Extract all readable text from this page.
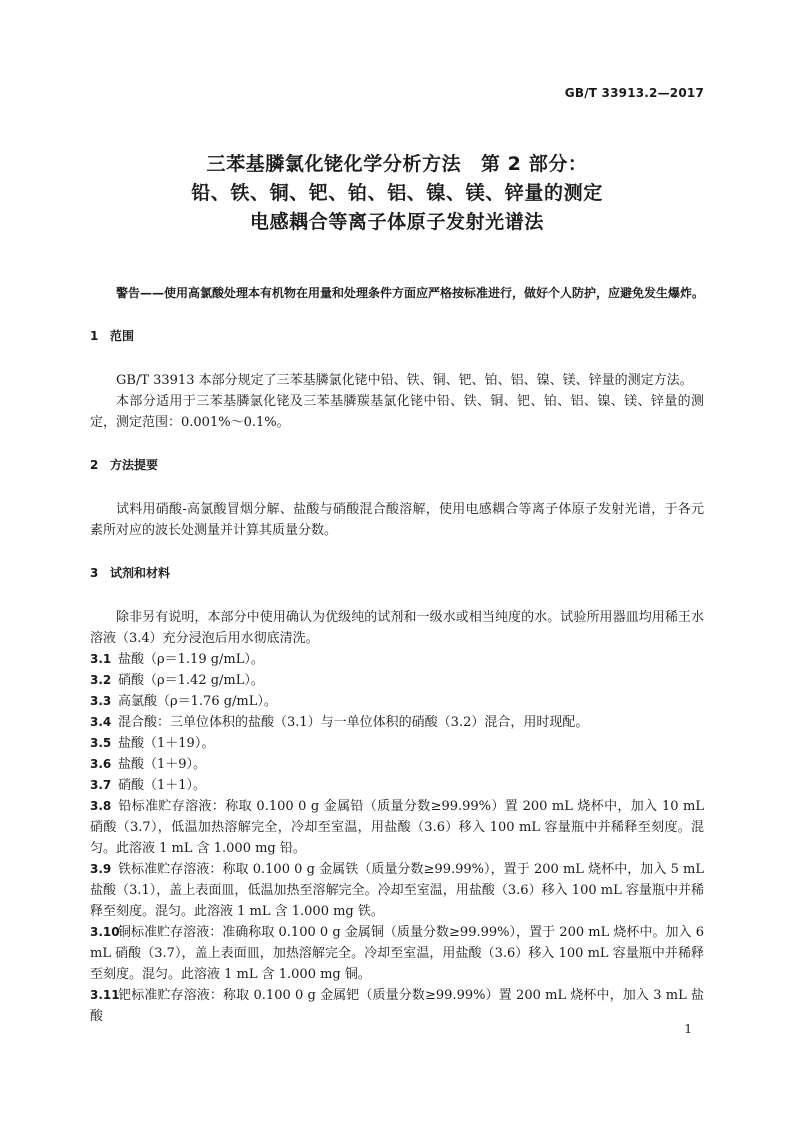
GB/T 33913.2—2017
三苯基膦氯化铑化学分析方法　第 2 部分：
铅、铁、铜、钯、铂、铝、镍、镁、锌量的测定
电感耦合等离子体原子发射光谱法

警告——使用高氯酸处理本有机物在用量和处理条件方面应严格按标准进行，做好个人防护，应避免发生爆炸。

1 范围

GB/T 33913 本部分规定了三苯基膦氯化铑中铅、铁、铜、钯、铂、铝、镍、镁、锌量的测定方法。

本部分适用于三苯基膦氯化铑及三苯基膦羰基氯化铑中铅、铁、铜、钯、铂、铝、镍、镁、锌量的测定，测定范围：0.001%～0.1%。

2 方法提要

试料用硝酸-高氯酸冒烟分解、盐酸与硝酸混合酸溶解，使用电感耦合等离子体原子发射光谱，于各元素所对应的波长处测量并计算其质量分数。

3 试剂和材料

除非另有说明，本部分中使用确认为优级纯的试剂和一级水或相当纯度的水。试验所用器皿均用稀王水溶液（3.4）充分浸泡后用水彻底清洗。

3.1 盐酸（ρ＝1.19 g/mL）。
3.2 硝酸（ρ＝1.42 g/mL）。
3.3 高氯酸（ρ＝1.76 g/mL）。
3.4 混合酸：三单位体积的盐酸（3.1）与一单位体积的硝酸（3.2）混合，用时现配。
3.5 盐酸（1＋19）。
3.6 盐酸（1＋9）。
3.7 硝酸（1＋1）。
3.8 铅标准贮存溶液：称取 0.100 0 g 金属铅（质量分数≥99.99%）置 200 mL 烧杯中，加入 10 mL 硝酸（3.7），低温加热溶解完全，冷却至室温，用盐酸（3.6）移入 100 mL 容量瓶中并稀释至刻度。混匀。此溶液 1 mL 含 1.000 mg 铅。
3.9 铁标准贮存溶液：称取 0.100 0 g 金属铁（质量分数≥99.99%），置于 200 mL 烧杯中，加入 5 mL 盐酸（3.1），盖上表面皿，低温加热至溶解完全。冷却至室温，用盐酸（3.6）移入 100 mL 容量瓶中并稀释至刻度。混匀。此溶液 1 mL 含 1.000 mg 铁。
3.10铜标准贮存溶液：准确称取 0.100 0 g 金属铜（质量分数≥99.99%），置于 200 mL 烧杯中。加入 6 mL 硝酸（3.7），盖上表面皿，加热溶解完全。冷却至室温，用盐酸（3.6）移入 100 mL 容量瓶中并稀释至刻度。混匀。此溶液 1 mL 含 1.000 mg 铜。
3.11钯标准贮存溶液：称取 0.100 0 g 金属钯（质量分数≥99.99%）置 200 mL 烧杯中，加入 3 mL 盐酸
1
